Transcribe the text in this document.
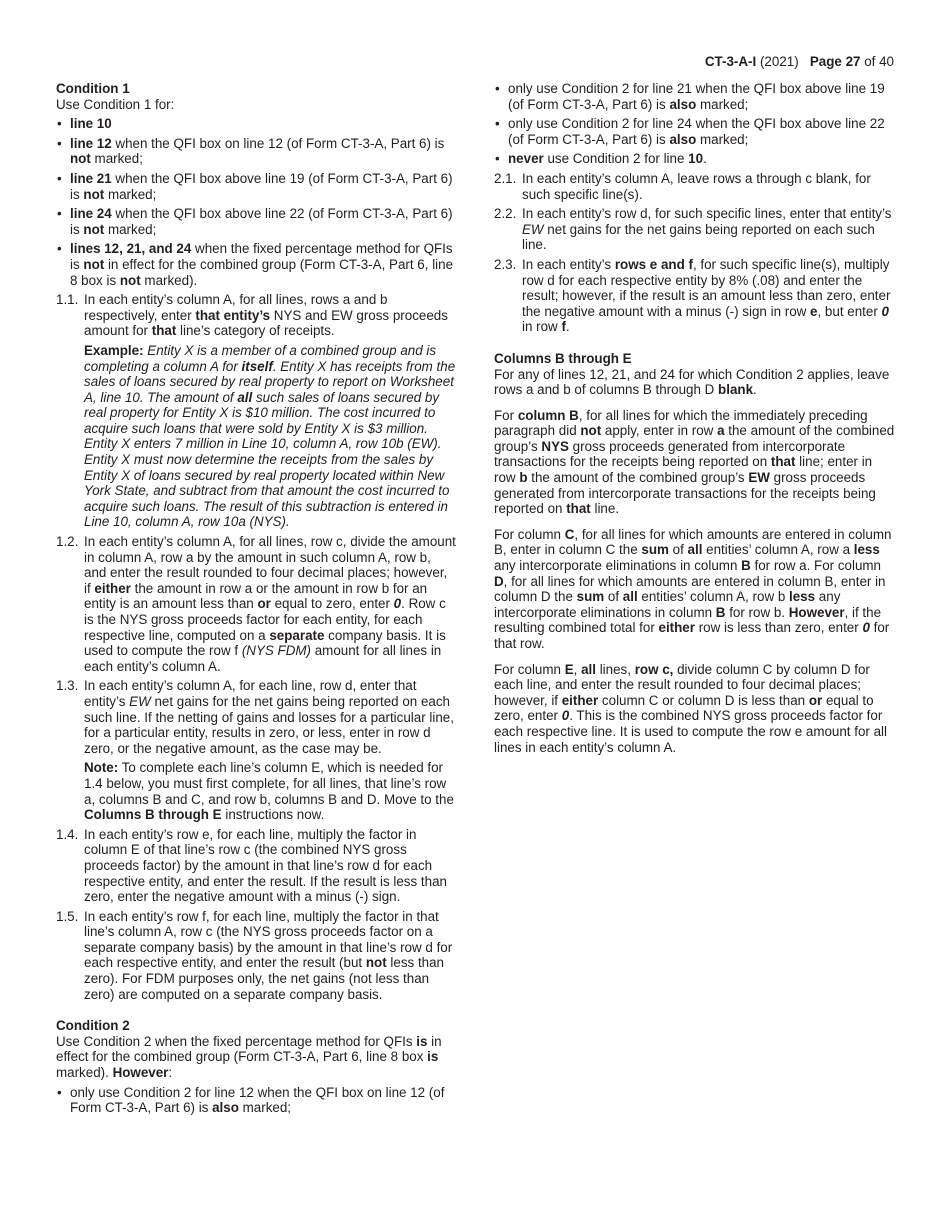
CT-3-A-I (2021) Page 27 of 40
Condition 1

Use Condition 1 for:

• line 10
• line 12 when the QFI box on line 12 (of Form CT-3-A, Part 6) is not marked;
• line 21 when the QFI box above line 19 (of Form CT-3-A, Part 6) is not marked;
• line 24 when the QFI box above line 22 (of Form CT-3-A, Part 6) is not marked;
• lines 12, 21, and 24 when the fixed percentage method for QFIs is not in effect for the combined group (Form CT-3-A, Part 6, line 8 box is not marked).
1.1. In each entity’s column A, for all lines, rows a and b respectively, enter that entity’s NYS and EW gross proceeds amount for that line’s category of receipts.
Example: Entity X is a member of a combined group and is completing a column A for itself. Entity X has receipts from the sales of loans secured by real property to report on Worksheet A, line 10. The amount of all such sales of loans secured by real property for Entity X is $10 million. The cost incurred to acquire such loans that were sold by Entity X is $3 million. Entity X enters 7 million in Line 10, column A, row 10b (EW). Entity X must now determine the receipts from the sales by Entity X of loans secured by real property located within New York State, and subtract from that amount the cost incurred to acquire such loans. The result of this subtraction is entered in Line 10, column A, row 10a (NYS).
1.2. In each entity’s column A, for all lines, row c, divide the amount in column A, row a by the amount in such column A, row b, and enter the result rounded to four decimal places; however, if either the amount in row a or the amount in row b for an entity is an amount less than or equal to zero, enter 0. Row c is the NYS gross proceeds factor for each entity, for each respective line, computed on a separate company basis. It is used to compute the row f (NYS FDM) amount for all lines in each entity’s column A.
1.3. In each entity’s column A, for each line, row d, enter that entity’s EW net gains for the net gains being reported on each such line. If the netting of gains and losses for a particular line, for a particular entity, results in zero, or less, enter in row d zero, or the negative amount, as the case may be.
Note: To complete each line’s column E, which is needed for 1.4 below, you must first complete, for all lines, that line’s row a, columns B and C, and row b, columns B and D. Move to the Columns B through E instructions now.
1.4. In each entity’s row e, for each line, multiply the factor in column E of that line’s row c (the combined NYS gross proceeds factor) by the amount in that line’s row d for each respective entity, and enter the result. If the result is less than zero, enter the negative amount with a minus (-) sign.
1.5. In each entity’s row f, for each line, multiply the factor in that line’s column A, row c (the NYS gross proceeds factor on a separate company basis) by the amount in that line’s row d for each respective entity, and enter the result (but not less than zero). For FDM purposes only, the net gains (not less than zero) are computed on a separate company basis.
Condition 2

Use Condition 2 when the fixed percentage method for QFIs is in effect for the combined group (Form CT-3-A, Part 6, line 8 box is marked). However:

• only use Condition 2 for line 12 when the QFI box on line 12 (of Form CT-3-A, Part 6) is also marked;
• only use Condition 2 for line 21 when the QFI box above line 19 (of Form CT-3-A, Part 6) is also marked;
• only use Condition 2 for line 24 when the QFI box above line 22 (of Form CT-3-A, Part 6) is also marked;
• never use Condition 2 for line 10.
2.1. In each entity’s column A, leave rows a through c blank, for such specific line(s).
2.2. In each entity’s row d, for such specific lines, enter that entity’s EW net gains for the net gains being reported on each such line.
2.3. In each entity’s rows e and f, for such specific line(s), multiply row d for each respective entity by 8% (.08) and enter the result; however, if the result is an amount less than zero, enter the negative amount with a minus (-) sign in row e, but enter 0 in row f.
Columns B through E

For any of lines 12, 21, and 24 for which Condition 2 applies, leave rows a and b of columns B through D blank.

For column B, for all lines for which the immediately preceding paragraph did not apply, enter in row a the amount of the combined group’s NYS gross proceeds generated from intercorporate transactions for the receipts being reported on that line; enter in row b the amount of the combined group’s EW gross proceeds generated from intercorporate transactions for the receipts being reported on that line.

For column C, for all lines for which amounts are entered in column B, enter in column C the sum of all entities’ column A, row a less any intercorporate eliminations in column B for row a. For column D, for all lines for which amounts are entered in column B, enter in column D the sum of all entities’ column A, row b less any intercorporate eliminations in column B for row b. However, if the resulting combined total for either row is less than zero, enter 0 for that row.

For column E, all lines, row c, divide column C by column D for each line, and enter the result rounded to four decimal places; however, if either column C or column D is less than or equal to zero, enter 0. This is the combined NYS gross proceeds factor for each respective line. It is used to compute the row e amount for all lines in each entity’s column A.
